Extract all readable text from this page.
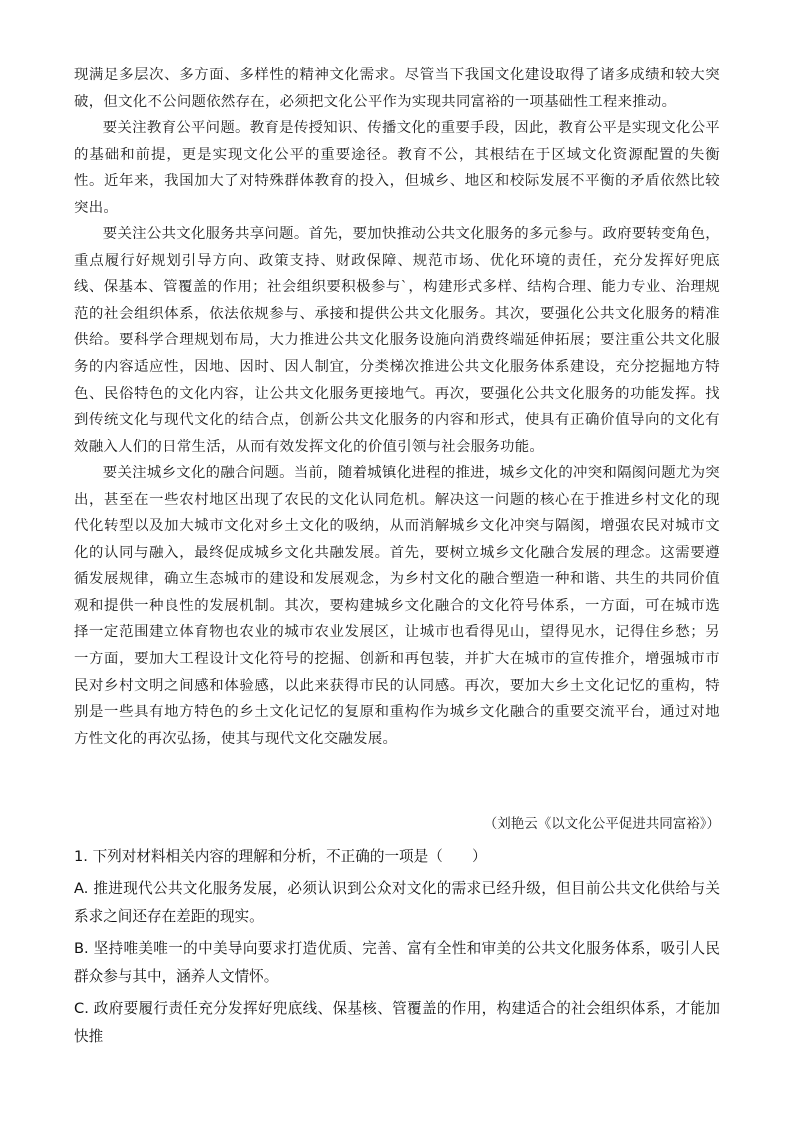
现满足多层次、多方面、多样性的精神文化需求。尽管当下我国文化建设取得了诸多成绩和较大突破，但文化不公问题依然存在，必须把文化公平作为实现共同富裕的一项基础性工程来推动。

要关注教育公平问题。教育是传授知识、传播文化的重要手段，因此，教育公平是实现文化公平的基础和前提，更是实现文化公平的重要途径。教育不公，其根结在于区域文化资源配置的失衡性。近年来，我国加大了对特殊群体教育的投入，但城乡、地区和校际发展不平衡的矛盾依然比较突出。

要关注公共文化服务共享问题。首先，要加快推动公共文化服务的多元参与。政府要转变角色，重点履行好规划引导方向、政策支持、财政保障、规范市场、优化环境的责任，充分发挥好兜底线、保基本、管覆盖的作用；社会组织要积极参与`，构建形式多样、结构合理、能力专业、治理规范的社会组织体系，依法依规参与、承接和提供公共文化服务。其次，要强化公共文化服务的精准供给。要科学合理规划布局，大力推进公共文化服务设施向消费终端延伸拓展；要注重公共文化服务的内容适应性，因地、因时、因人制宜，分类梯次推进公共文化服务体系建设，充分挖掘地方特色、民俗特色的文化内容，让公共文化服务更接地气。再次，要强化公共文化服务的功能发挥。找到传统文化与现代文化的结合点，创新公共文化服务的内容和形式，使具有正确价值导向的文化有效融入人们的日常生活，从而有效发挥文化的价值引领与社会服务功能。

要关注城乡文化的融合问题。当前，随着城镇化进程的推进，城乡文化的冲突和隔阂问题尤为突出，甚至在一些农村地区出现了农民的文化认同危机。解决这一问题的核心在于推进乡村文化的现代化转型以及加大城市文化对乡土文化的吸纳，从而消解城乡文化冲突与隔阂，增强农民对城市文化的认同与融入，最终促成城乡文化共融发展。首先，要树立城乡文化融合发展的理念。这需要遵循发展规律，确立生态城市的建设和发展观念，为乡村文化的融合塑造一种和谐、共生的共同价值观和提供一种良性的发展机制。其次，要构建城乡文化融合的文化符号体系，一方面，可在城市选择一定范围建立体育物也农业的城市农业发展区，让城市也看得见山，望得见水，记得住乡愁；另一方面，要加大工程设计文化符号的挖掘、创新和再包装，并扩大在城市的宣传推介，增强城市市民对乡村文明之间感和体验感，以此来获得市民的认同感。再次，要加大乡土文化记忆的重构，特别是一些具有地方特色的乡土文化记忆的复原和重构作为城乡文化融合的重要交流平台，通过对地方性文化的再次弘扬，使其与现代文化交融发展。

（刘艳云《以文化公平促进共同富裕》）

1. 下列对材料相关内容的理解和分析，不正确的一项是（　　）

A. 推进现代公共文化服务发展，必须认识到公众对文化的需求已经升级，但目前公共文化供给与关系求之间还存在差距的现实。

B. 坚持唯美唯一的中美导向要求打造优质、完善、富有全性和审美的公共文化服务体系，吸引人民群众参与其中，涵养人文情怀。

C. 政府要履行责任充分发挥好兜底线、保基核、管覆盖的作用，构建适合的社会组织体系，才能加快推
